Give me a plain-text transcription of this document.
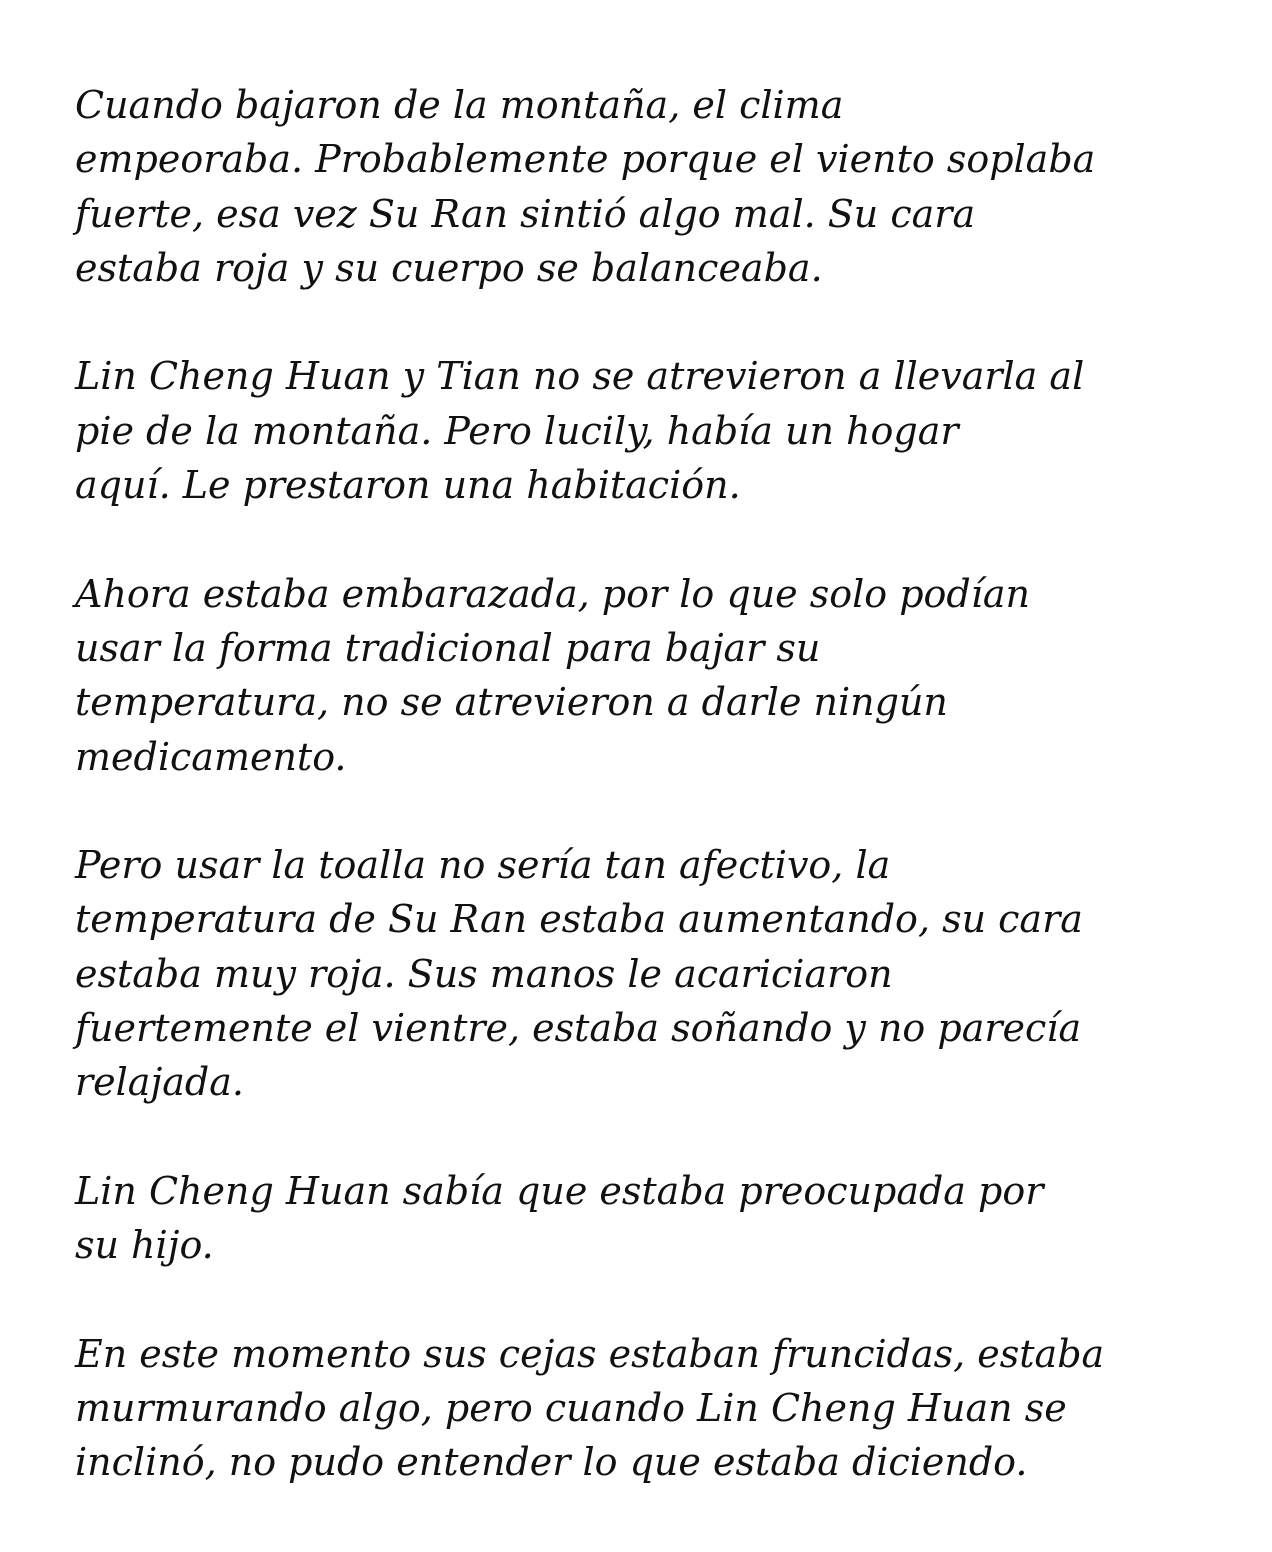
Cuando bajaron de la montaña, el clima
empeoraba. Probablemente porque el viento soplaba
fuerte, esa vez Su Ran sintió algo mal. Su cara
estaba roja y su cuerpo se balanceaba.

Lin Cheng Huan y Tian no se atrevieron a llevarla al
pie de la montaña. Pero lucily, había un hogar
aquí. Le prestaron una habitación.

Ahora estaba embarazada, por lo que solo podían
usar la forma tradicional para bajar su
temperatura, no se atrevieron a darle ningún
medicamento.

Pero usar la toalla no sería tan afectivo, la
temperatura de Su Ran estaba aumentando, su cara
estaba muy roja. Sus manos le acariciaron
fuertemente el vientre, estaba soñando y no parecía
relajada.

Lin Cheng Huan sabía que estaba preocupada por
su hijo.

En este momento sus cejas estaban fruncidas, estaba
murmurando algo, pero cuando Lin Cheng Huan se
inclinó, no pudo entender lo que estaba diciendo.
